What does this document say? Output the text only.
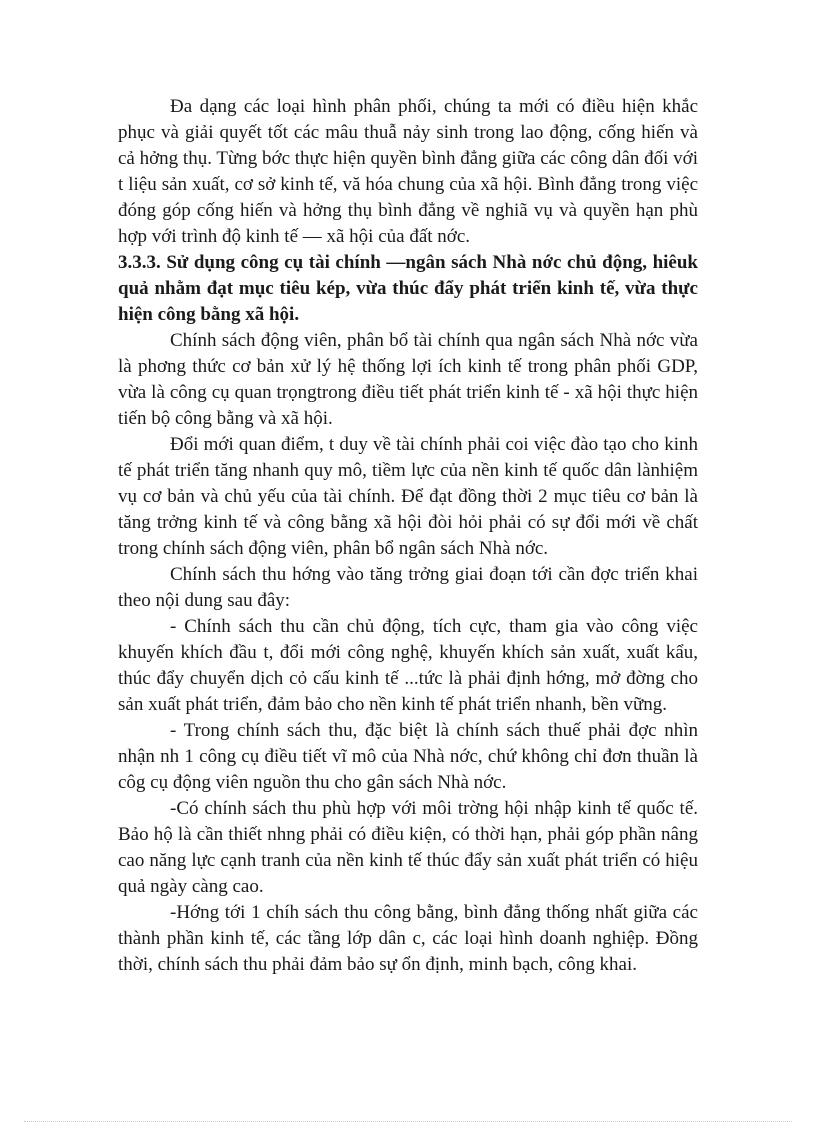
Đa dạng các loại hình phân phối, chúng ta mới có điều hiện khắc phục và giải quyết tốt các mâu thuẫ nảy sinh trong lao động, cống hiến và cả hởng thụ. Từng bớc thực hiện quyền bình đẳng giữa các công dân đối với t liệu sản xuất, cơ sở kinh tế, vă hóa chung của xã hội. Bình đẳng trong việc đóng góp cống hiến và hởng thụ bình đẳng về nghiã vụ và quyền hạn phù hợp với trình độ kinh tế — xã hội của đất nớc.

3.3.3. Sử dụng công cụ tài chính —ngân sách Nhà nớc chủ động, hiêuk quả nhằm đạt mục tiêu kép, vừa thúc đẩy phát triển kinh tế, vừa thực hiện công bằng xã hội.

Chính sách động viên, phân bổ tài chính qua ngân sách Nhà nớc vừa là phơng thức cơ bản xử lý hệ thống lợi ích kinh tế trong phân phối GDP, vừa là công cụ quan trọngtrong điều tiết phát triển kinh tế - xã hội thực hiện tiến bộ công bằng và xã hội.

Đổi mới quan điểm, t duy về tài chính phải coi việc đào tạo cho kinh tế phát triển tăng nhanh quy mô, tiềm lực của nền kinh tế quốc dân lànhiệm vụ cơ bản và chủ yếu của tài chính. Để đạt đồng thời 2 mục tiêu cơ bản là tăng trởng kinh tế và công bằng xã hội đòi hỏi phải có sự đổi mới về chất trong chính sách động viên, phân bổ ngân sách Nhà nớc.

Chính sách thu hớng vào tăng trởng giai đoạn tới cần đợc triển khai theo nội dung sau đây:

- Chính sách thu cần chủ động, tích cực, tham gia vào công việc khuyến khích đầu t, đổi mới công nghệ, khuyến khích sản xuất, xuất kẩu, thúc đẩy chuyển dịch cỏ cấu kinh tế ...tức là phải định hớng, mở đờng cho sản xuất phát triển, đảm bảo cho nền kinh tế phát triển nhanh, bền vững.

- Trong chính sách thu, đặc biệt là chính sách thuế phải đợc nhìn nhận nh 1 công cụ điều tiết vĩ mô của Nhà nớc, chứ không chỉ đơn thuần là côg cụ động viên nguồn thu cho gân sách Nhà nớc.

-Có chính sách thu phù hợp với môi trờng hội nhập kinh tế quốc tế. Bảo hộ là cần thiết nhng phải có điều kiện, có thời hạn, phải góp phần nâng cao năng lực cạnh tranh của nền kinh tế thúc đẩy sản xuất phát triển có hiệu quả ngày càng cao.

-Hớng tới 1 chíh sách thu công bằng, bình đẳng thống nhất giữa các thành phần kinh tế, các tầng lớp dân c, các loại hình doanh nghiệp. Đồng thời, chính sách thu phải đảm bảo sự ổn định, minh bạch, công khai.
